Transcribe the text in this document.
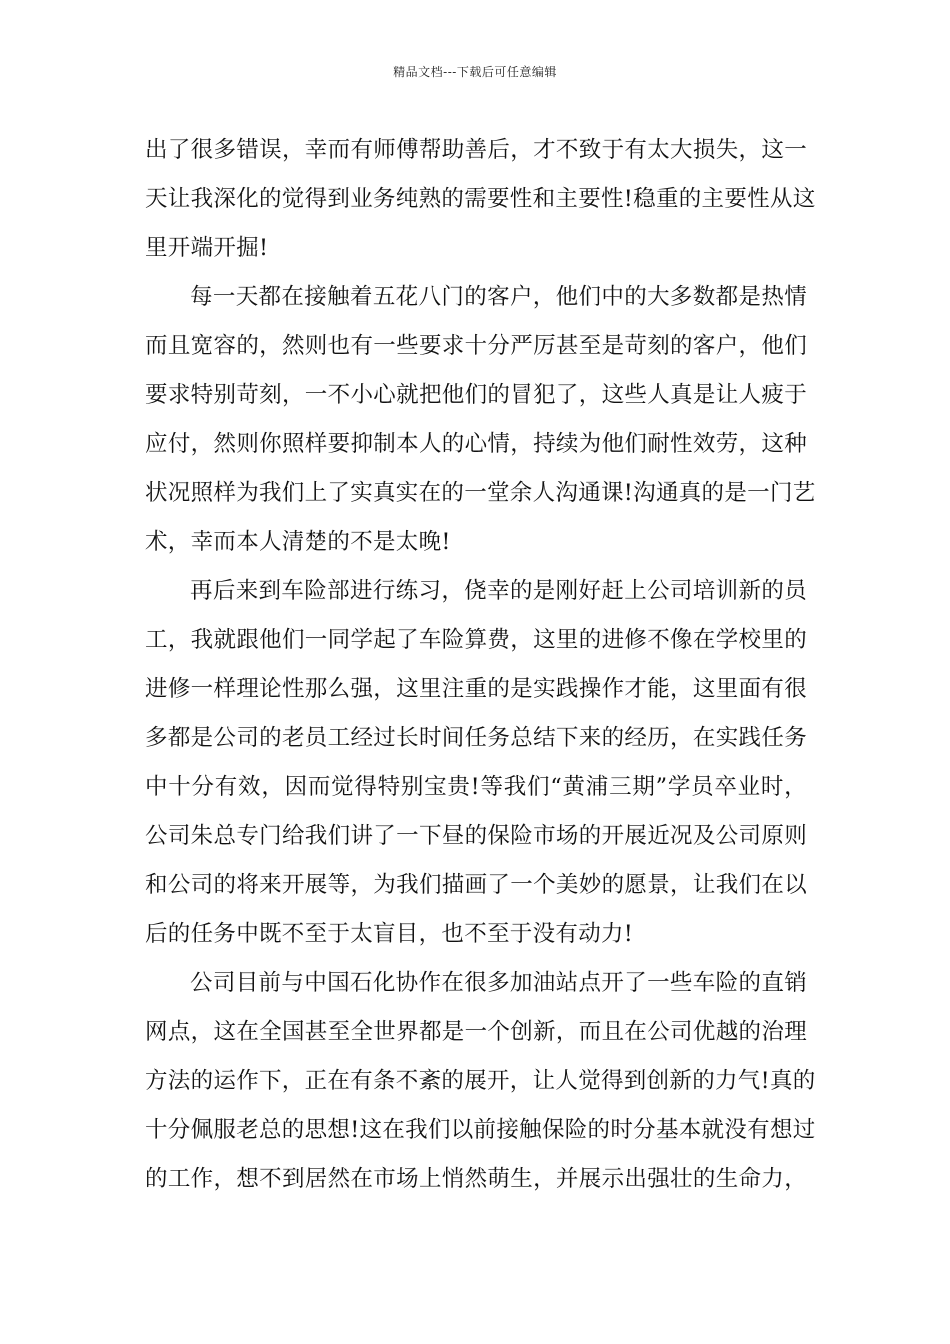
精品文档---下载后可任意编辑
出了很多错误，幸而有师傅帮助善后，才不致于有太大损失，这一
天让我深化的觉得到业务纯熟的需要性和主要性!稳重的主要性从这
里开端开掘!
每一天都在接触着五花八门的客户，他们中的大多数都是热情
而且宽容的，然则也有一些要求十分严厉甚至是苛刻的客户，他们
要求特别苛刻，一不小心就把他们的冒犯了，这些人真是让人疲于
应付，然则你照样要抑制本人的心情，持续为他们耐性效劳，这种
状况照样为我们上了实真实在的一堂余人沟通课!沟通真的是一门艺
术，幸而本人清楚的不是太晚!
再后来到车险部进行练习，侥幸的是刚好赶上公司培训新的员
工，我就跟他们一同学起了车险算费，这里的进修不像在学校里的
进修一样理论性那么强，这里注重的是实践操作才能，这里面有很
多都是公司的老员工经过长时间任务总结下来的经历，在实践任务
中十分有效，因而觉得特别宝贵!等我们“黄浦三期”学员卒业时，
公司朱总专门给我们讲了一下昼的保险市场的开展近况及公司原则
和公司的将来开展等，为我们描画了一个美妙的愿景，让我们在以
后的任务中既不至于太盲目，也不至于没有动力!
公司目前与中国石化协作在很多加油站点开了一些车险的直销
网点，这在全国甚至全世界都是一个创新，而且在公司优越的治理
方法的运作下，正在有条不紊的展开，让人觉得到创新的力气!真的
十分佩服老总的思想!这在我们以前接触保险的时分基本就没有想过
的工作，想不到居然在市场上悄然萌生，并展示出强壮的生命力，
